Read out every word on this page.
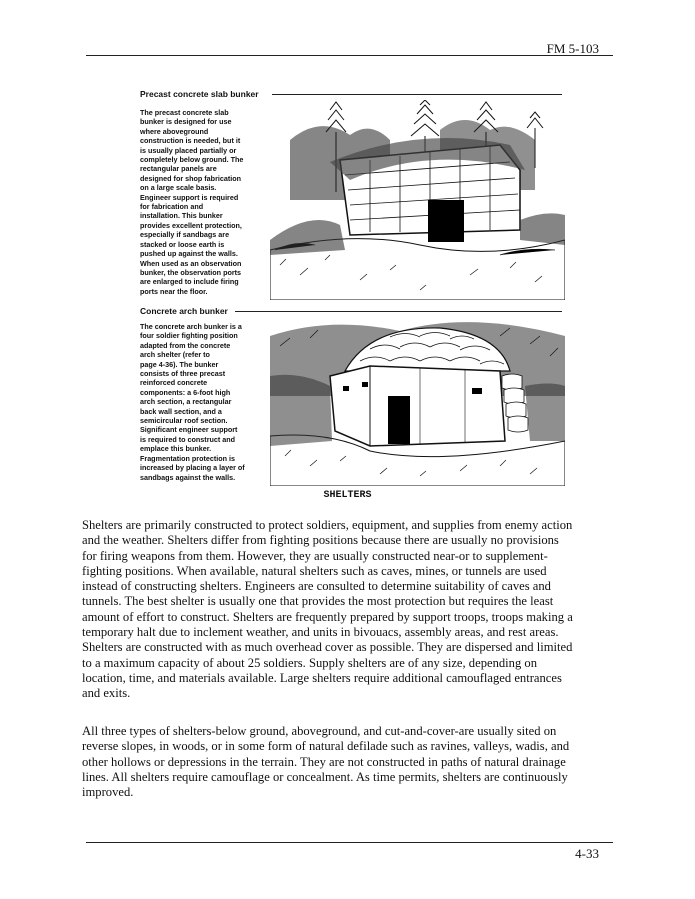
FM 5-103
Precast concrete slab bunker
The precast concrete slab
bunker is designed for use
where aboveground
construction is needed, but it
is usually placed partially or
completely below ground. The
rectangular panels are
designed for shop fabrication
on a large scale basis.
Engineer support is required
for fabrication and
installation. This bunker
provides excellent protection,
especially if sandbags are
stacked or loose earth is
pushed up against the walls.
When used as an observation
bunker, the observation ports
are enlarged to include firing
ports near the floor.
Concrete arch bunker
The concrete arch bunker is a
four soldier fighting position
adapted from the concrete
arch shelter (refer to
page 4-36). The bunker
consists of three precast
reinforced concrete
components: a 6-foot high
arch section, a rectangular
back wall section, and a
semicircular roof section.
Significant engineer support
is required to construct and
emplace this bunker.
Fragmentation protection is
increased by placing a layer of
sandbags against the walls.
SHELTERS
Shelters are primarily constructed to protect soldiers, equipment, and supplies from enemy action
and the weather. Shelters differ from fighting positions because there are usually no provisions
for firing weapons from them. However, they are usually constructed near-or to supplement-
fighting positions. When available, natural shelters such as caves, mines, or tunnels are used
instead of constructing shelters. Engineers are consulted to determine suitability of caves and
tunnels. The best shelter is usually one that provides the most protection but requires the least
amount of effort to construct. Shelters are frequently prepared by support troops, troops making a
temporary halt due to inclement weather, and units in bivouacs, assembly areas, and rest areas.
Shelters are constructed with as much overhead cover as possible. They are dispersed and limited
to a maximum capacity of about 25 soldiers. Supply shelters are of any size, depending on
location, time, and materials available. Large shelters require additional camouflaged entrances
and exits.
All three types of shelters-below ground, aboveground, and cut-and-cover-are usually sited on
reverse slopes, in woods, or in some form of natural defilade such as ravines, valleys, wadis, and
other hollows or depressions in the terrain. They are not constructed in paths of natural drainage
lines. All shelters require camouflage or concealment. As time permits, shelters are continuously
improved.
4-33
